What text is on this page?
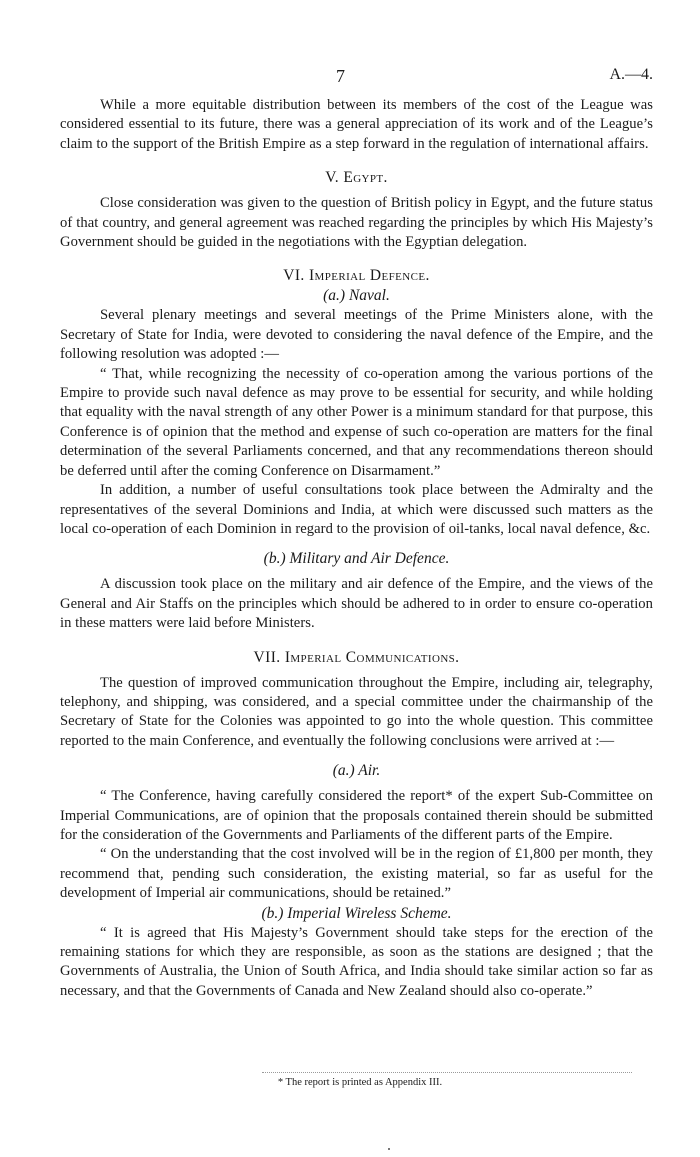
7	A.—4.

While a more equitable distribution between its members of the cost of the League was considered essential to its future, there was a general appreciation of its work and of the League’s claim to the support of the British Empire as a step forward in the regulation of international affairs.

V. Egypt.

Close consideration was given to the question of British policy in Egypt, and the future status of that country, and general agreement was reached regarding the principles by which His Majesty’s Government should be guided in the negotiations with the Egyptian delegation.

VI. Imperial Defence.
(a.) Naval.

Several plenary meetings and several meetings of the Prime Ministers alone, with the Secretary of State for India, were devoted to considering the naval defence of the Empire, and the following resolution was adopted :—

“ That, while recognizing the necessity of co-operation among the various portions of the Empire to provide such naval defence as may prove to be essential for security, and while holding that equality with the naval strength of any other Power is a minimum standard for that purpose, this Conference is of opinion that the method and expense of such co-operation are matters for the final determination of the several Parliaments concerned, and that any recommendations thereon should be deferred until after the coming Conference on Disarmament.”

In addition, a number of useful consultations took place between the Admiralty and the representatives of the several Dominions and India, at which were discussed such matters as the local co-operation of each Dominion in regard to the provision of oil-tanks, local naval defence, &c.

(b.) Military and Air Defence.

A discussion took place on the military and air defence of the Empire, and the views of the General and Air Staffs on the principles which should be adhered to in order to ensure co-operation in these matters were laid before Ministers.

VII. Imperial Communications.

The question of improved communication throughout the Empire, including air, telegraphy, telephony, and shipping, was considered, and a special committee under the chairmanship of the Secretary of State for the Colonies was appointed to go into the whole question. This committee reported to the main Conference, and eventually the following conclusions were arrived at :—

(a.) Air.

“ The Conference, having carefully considered the report* of the expert Sub-Committee on Imperial Communications, are of opinion that the proposals contained therein should be submitted for the consideration of the Governments and Parliaments of the different parts of the Empire.

“ On the understanding that the cost involved will be in the region of £1,800 per month, they recommend that, pending such consideration, the existing material, so far as useful for the development of Imperial air communications, should be retained.”

(b.) Imperial Wireless Scheme.

“ It is agreed that His Majesty’s Government should take steps for the erection of the remaining stations for which they are responsible, as soon as the stations are designed ; that the Governments of Australia, the Union of South Africa, and India should take similar action so far as necessary, and that the Governments of Canada and New Zealand should also co-operate.”

* The report is printed as Appendix III.
